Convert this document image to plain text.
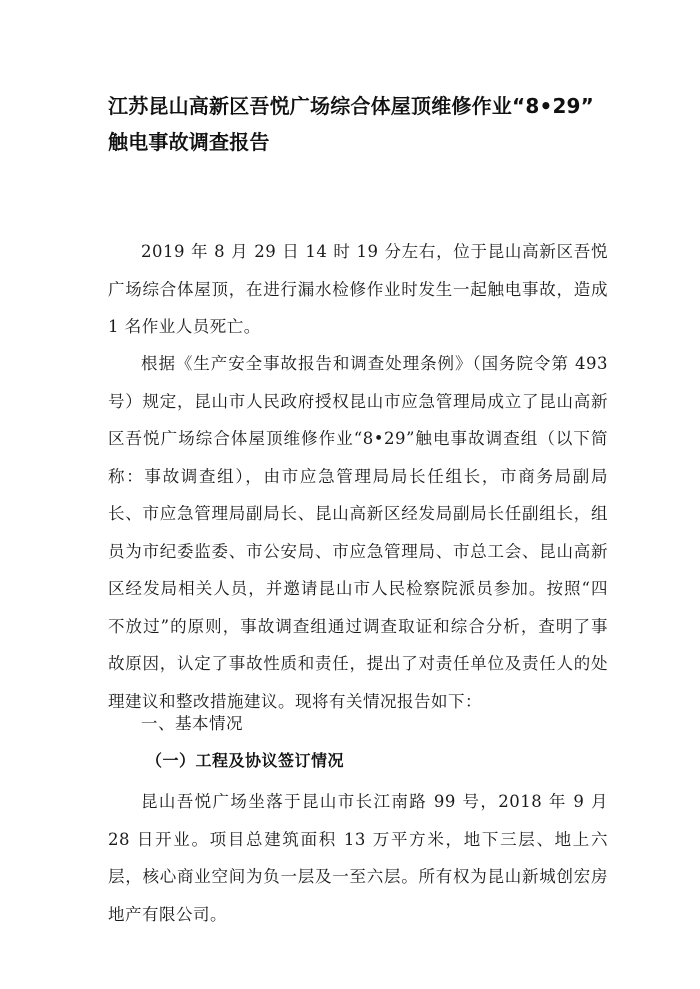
江苏昆山高新区吾悦广场综合体屋顶维修作业“8•29”
触电事故调查报告

2019 年 8 月 29 日 14 时 19 分左右，位于昆山高新区吾悦广场综合体屋顶，在进行漏水检修作业时发生一起触电事故，造成 1 名作业人员死亡。

根据《生产安全事故报告和调查处理条例》（国务院令第 493 号）规定，昆山市人民政府授权昆山市应急管理局成立了昆山高新区吾悦广场综合体屋顶维修作业“8•29”触电事故调查组（以下简称：事故调查组），由市应急管理局局长任组长，市商务局副局长、市应急管理局副局长、昆山高新区经发局副局长任副组长，组员为市纪委监委、市公安局、市应急管理局、市总工会、昆山高新区经发局相关人员，并邀请昆山市人民检察院派员参加。按照“四不放过”的原则，事故调查组通过调查取证和综合分析，查明了事故原因，认定了事故性质和责任，提出了对责任单位及责任人的处理建议和整改措施建议。现将有关情况报告如下：

一、基本情况
（一）工程及协议签订情况

昆山吾悦广场坐落于昆山市长江南路 99 号，2018 年 9 月 28 日开业。项目总建筑面积 13 万平方米，地下三层、地上六层，核心商业空间为负一层及一至六层。所有权为昆山新城创宏房地产有限公司。
